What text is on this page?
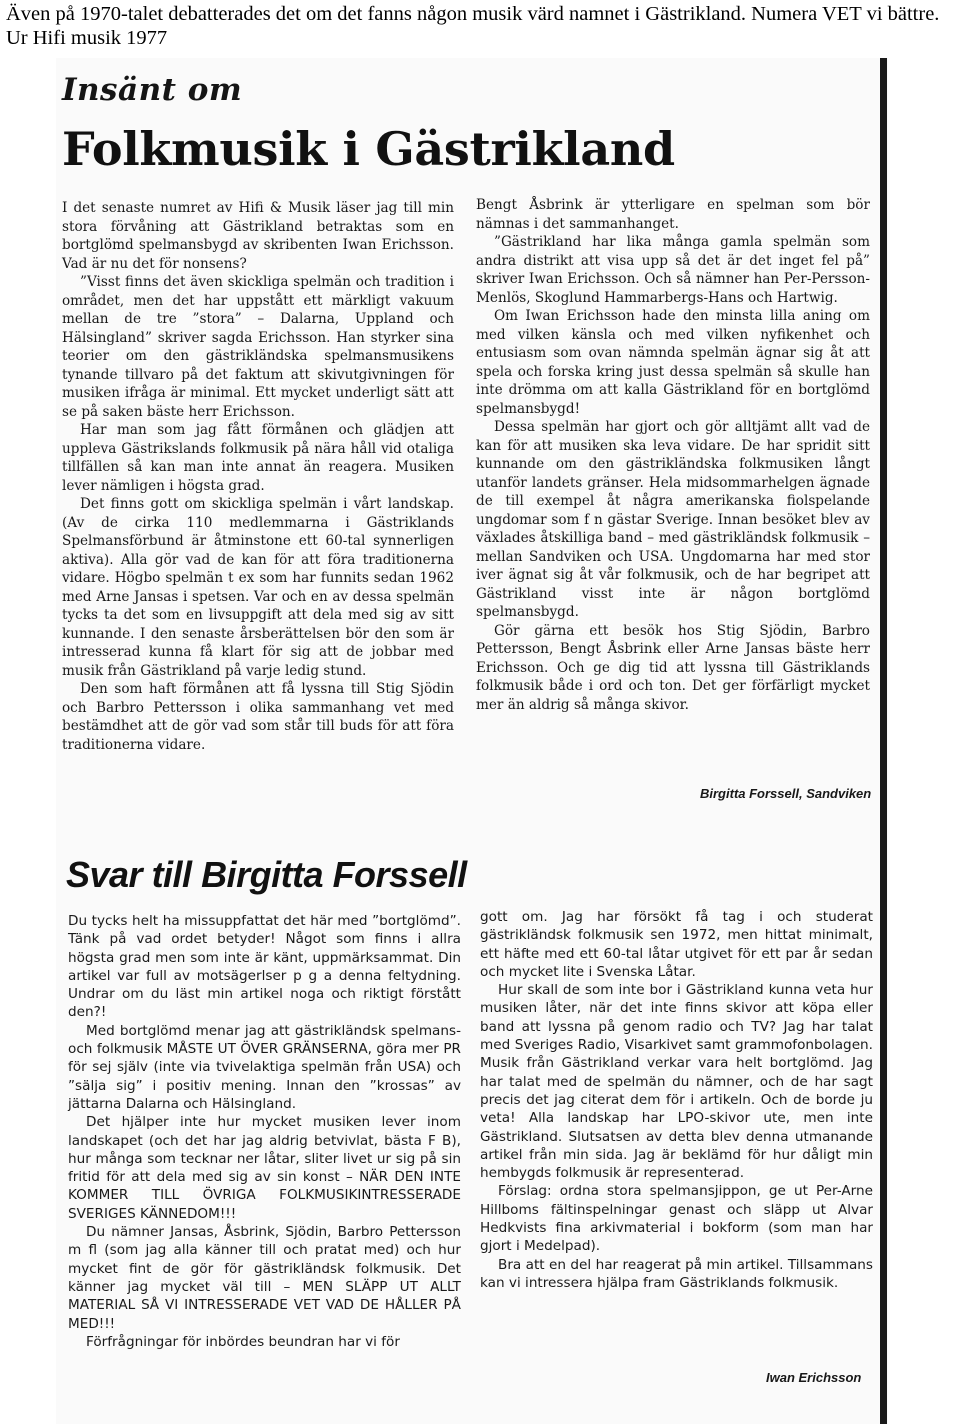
Även på 1970-talet debatterades det om det fanns någon musik värd namnet i Gästrikland. Numera VET vi bättre. Ur Hifi musik 1977
Insänt om
Folkmusik i Gästrikland

I det senaste numret av Hifi & Musik läser jag till min stora förvåning att Gästrikland betraktas som en bortglömd spelmansbygd av skribenten Iwan Erichsson. Vad är nu det för nonsens?

”Visst finns det även skickliga spelmän och tradition i området, men det har uppstått ett märkligt vakuum mellan de tre ”stora” – Dalarna, Uppland och Hälsingland” skriver sagda Erichsson. Han styrker sina teorier om den gästrikländska spelmansmusikens tynande tillvaro på det faktum att skivutgivningen för musiken ifråga är minimal. Ett mycket underligt sätt att se på saken bäste herr Erichsson.

Har man som jag fått förmånen och glädjen att uppleva Gästrikslands folkmusik på nära håll vid otaliga tillfällen så kan man inte annat än reagera. Musiken lever nämligen i högsta grad.

Det finns gott om skickliga spelmän i vårt landskap. (Av de cirka 110 medlemmarna i Gästriklands Spelmansförbund är åtminstone ett 60-tal synnerligen aktiva). Alla gör vad de kan för att föra traditionerna vidare. Högbo spelmän t ex som har funnits sedan 1962 med Arne Jansas i spetsen. Var och en av dessa spelmän tycks ta det som en livsuppgift att dela med sig av sitt kunnande. I den senaste årsberättelsen bör den som är intresserad kunna få klart för sig att de jobbar med musik från Gästrikland på varje ledig stund.

Den som haft förmånen att få lyssna till Stig Sjödin och Barbro Pettersson i olika sammanhang vet med bestämdhet att de gör vad som står till buds för att föra traditionerna vidare.

Bengt Åsbrink är ytterligare en spelman som bör nämnas i det sammanhanget.

”Gästrikland har lika många gamla spelmän som andra distrikt att visa upp så det är det inget fel på” skriver Iwan Erichsson. Och så nämner han Per-Persson-Menlös, Skoglund Hammarbergs-Hans och Hartwig.

Om Iwan Erichsson hade den minsta lilla aning om med vilken känsla och med vilken nyfikenhet och entusiasm som ovan nämnda spelmän ägnar sig åt att spela och forska kring just dessa spelmän så skulle han inte drömma om att kalla Gästrikland för en bortglömd spelmansbygd!

Dessa spelmän har gjort och gör alltjämt allt vad de kan för att musiken ska leva vidare. De har spridit sitt kunnande om den gästrikländska folkmusiken långt utanför landets gränser. Hela midsommarhelgen ägnade de till exempel åt några amerikanska fiolspelande ungdomar som f n gästar Sverige. Innan besöket blev av växlades åtskilliga band – med gästrikländsk folkmusik – mellan Sandviken och USA. Ungdomarna har med stor iver ägnat sig åt vår folkmusik, och de har begripet att Gästrikland visst inte är någon bortglömd spelmansbygd.

Gör gärna ett besök hos Stig Sjödin, Barbro Pettersson, Bengt Åsbrink eller Arne Jansas bäste herr Erichsson. Och ge dig tid att lyssna till Gästriklands folkmusik både i ord och ton. Det ger förfärligt mycket mer än aldrig så många skivor.

Birgitta Forssell, Sandviken
Svar till Birgitta Forssell

Du tycks helt ha missuppfattat det här med ”bortglömd”. Tänk på vad ordet betyder! Något som finns i allra högsta grad men som inte är känt, uppmärksammat. Din artikel var full av motsägerlser p g a denna feltydning. Undrar om du läst min artikel noga och riktigt förstått den?!

Med bortglömd menar jag att gästrikländsk spelmans- och folkmusik MÅSTE UT ÖVER GRÄNSERNA, göra mer PR för sej själv (inte via tvivelaktiga spelmän från USA) och ”sälja sig” i positiv mening. Innan den ”krossas” av jättarna Dalarna och Hälsingland.

Det hjälper inte hur mycket musiken lever inom landskapet (och det har jag aldrig betvivlat, bästa F B), hur många som tecknar ner låtar, sliter livet ur sig på sin fritid för att dela med sig av sin konst – NÄR DEN INTE KOMMER TILL ÖVRIGA FOLKMUSIKINTRESSERADE SVERIGES KÄNNEDOM!!!

Du nämner Jansas, Åsbrink, Sjödin, Barbro Pettersson m fl (som jag alla känner till och pratat med) och hur mycket fint de gör för gästrikländsk folkmusik. Det känner jag mycket väl till – MEN SLÄPP UT ALLT MATERIAL SÅ VI INTRESSERADE VET VAD DE HÅLLER PÅ MED!!!

Förfrågningar för inbördes beundran har vi för

gott om. Jag har försökt få tag i och studerat gästrikländsk folkmusik sen 1972, men hittat minimalt, ett häfte med ett 60-tal låtar utgivet för ett par år sedan och mycket lite i Svenska Låtar.

Hur skall de som inte bor i Gästrikland kunna veta hur musiken låter, när det inte finns skivor att köpa eller band att lyssna på genom radio och TV? Jag har talat med Sveriges Radio, Visarkivet samt grammofonbolagen. Musik från Gästrikland verkar vara helt bortglömd. Jag har talat med de spelmän du nämner, och de har sagt precis det jag citerat dem för i artikeln. Och de borde ju veta! Alla landskap har LPO-skivor ute, men inte Gästrikland. Slutsatsen av detta blev denna utmanande artikel från min sida. Jag är beklämd för hur dåligt min hembygds folkmusik är representerad.

Förslag: ordna stora spelmansjippon, ge ut Per-Arne Hillboms fältinspelningar genast och släpp ut Alvar Hedkvists fina arkivmaterial i bokform (som man har gjort i Medelpad).

Bra att en del har reagerat på min artikel. Tillsammans kan vi intressera hjälpa fram Gästriklands folkmusik.

Iwan Erichsson
